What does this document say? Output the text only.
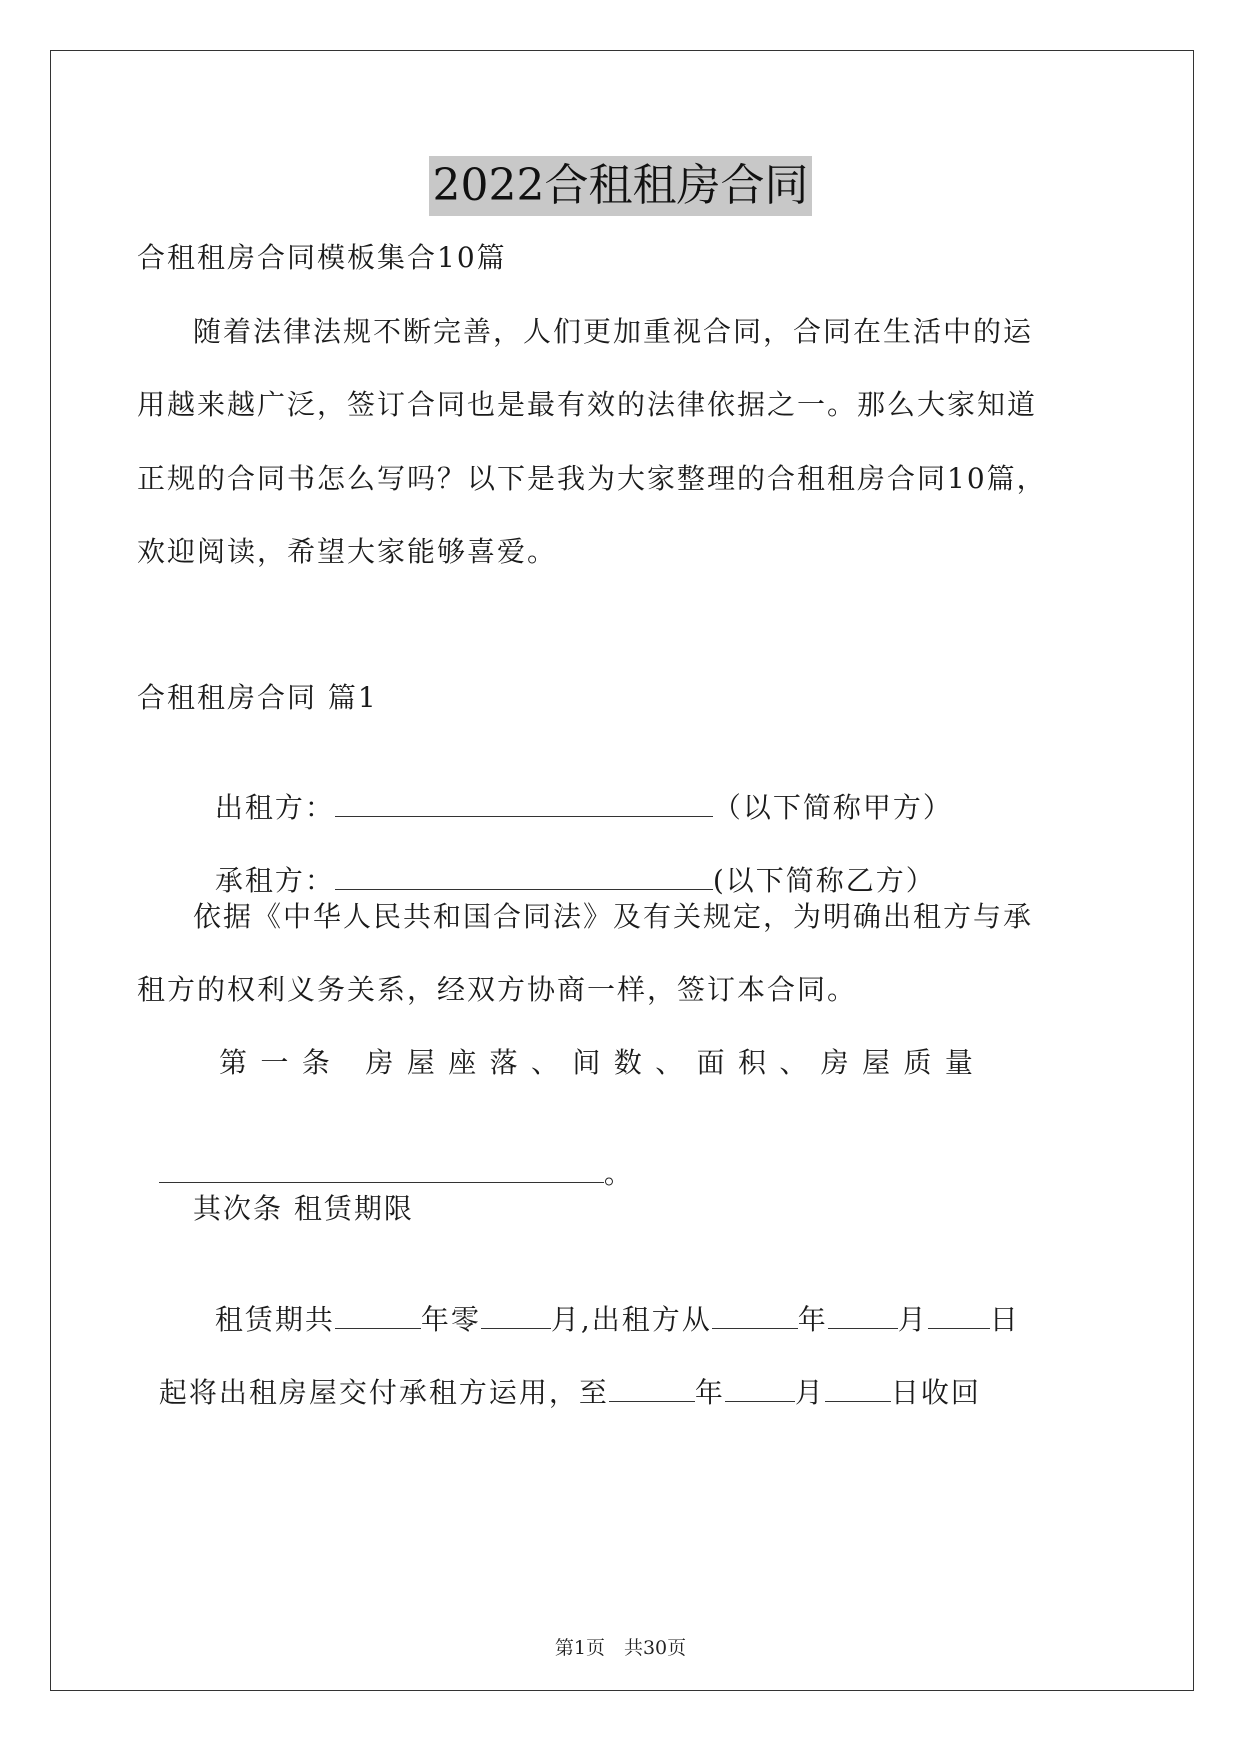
2022合租租房合同
合租租房合同模板集合10篇
随着法律法规不断完善，人们更加重视合同，合同在生活中的运
用越来越广泛，签订合同也是最有效的法律依据之一。那么大家知道
正规的合同书怎么写吗？以下是我为大家整理的合租租房合同10篇，
欢迎阅读，希望大家能够喜爱。
合租租房合同 篇1

出租方：	（以下简称甲方）

承租方：	(以下简称乙方）

依据《中华人民共和国合同法》及有关规定，为明确出租方与承
租方的权利义务关系，经双方协商一样，签订本合同。
第 一 条
房 屋 座 落 、 间 数 、 面 积 、 房 屋 质 量

。

其次条 租赁期限

租赁期共	年零	月,出租方从	年	月 日

起将出租房屋交付承租方运用，至	年	月 日收回

第1页　共30页
